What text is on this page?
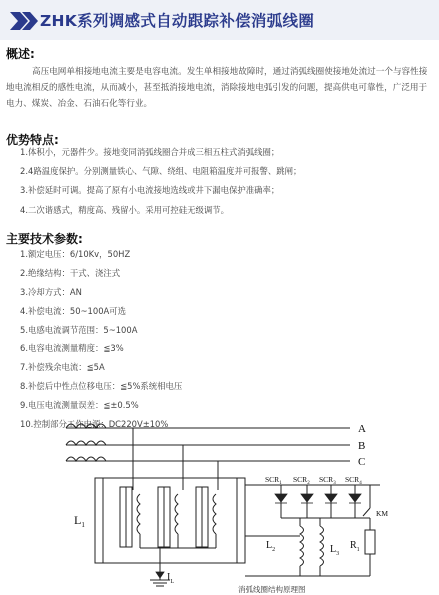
ZHK系列调感式自动跟踪补偿消弧线圈
概述:
高压电网单相接地电流主要是电容电流。发生单相接地故障时，通过消弧线圈使接地处流过一个与容性接地电流相反的感性电流，从而减小，甚至抵消接地电流，消除接地电弧引发的问题，提高供电可靠性，广泛用于电力、煤炭、冶金、石油石化等行业。
优势特点:
1.体积小，元器件少。接地变同消弧线圈合并成三相五柱式消弧线圈；
2.4路温度保护。分别测量铁心、气隙、绕组、电阻箱温度并可报警、跳闸；
3.补偿延时可调。提高了原有小电流接地选线或井下漏电保护准确率；
4.二次谐感式，精度高、残留小。采用可控硅无级调节。
主要技术参数:
1.额定电压：6/10Kv，50HZ
2.绝缘结构：干式、浇注式
3.冷却方式：AN
4.补偿电流：50~100A可选
5.电感电流调节范围：5~100A
6.电容电流测量精度：≦3%
7.补偿残余电流：≦5A
8.补偿后中性点位移电压：≦5%系统相电压
9.电压电流测量误差：≦±0.5%
10.控制部分工作电源：DC220V±10%	A
B
C
$SCR_1$ $SCR_2$ $SCR_3$ $SCR_4$
KM
$L_1$
$L_2$	$L_3$
$R_1$
$I_L$
消弧线圈结构原理图
